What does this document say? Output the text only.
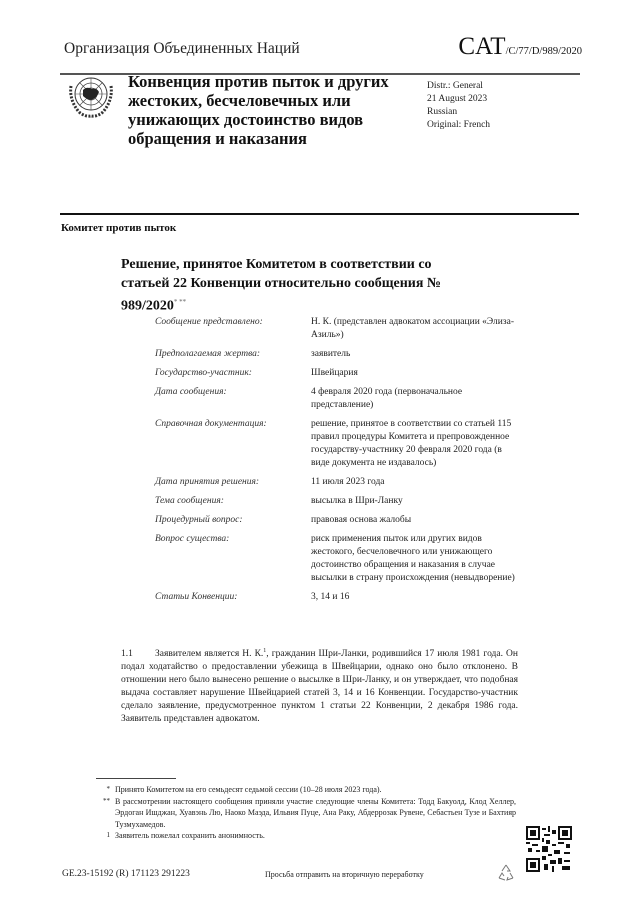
Организация Объединенных Наций	CAT/C/77/D/989/2020
Конвенция против пыток и других жестоких, бесчеловечных или унижающих достоинство видов обращения и наказания
Distr.: General
21 August 2023
Russian
Original: French
Комитет против пыток
Решение, принятое Комитетом в соответствии со статьей 22 Конвенции относительно сообщения № 989/2020* **
Сообщение представлено:	Н. К. (представлен адвокатом ассоциации «Элиза-Азиль»)
Предполагаемая жертва:	заявитель
Государство-участник:	Швейцария
Дата сообщения:	4 февраля 2020 года (первоначальное представление)
Справочная документация:	решение, принятое в соответствии со статьей 115 правил процедуры Комитета и препровожденное государству-участнику 20 февраля 2020 года (в виде документа не издавалось)
Дата принятия решения:	11 июля 2023 года
Тема сообщения:	высылка в Шри-Ланку
Процедурный вопрос:	правовая основа жалобы
Вопрос существа:	риск применения пыток или других видов жестокого, бесчеловечного или унижающего достоинство обращения и наказания в случае высылки в страну происхождения (невыдворение)
Статьи Конвенции:	3, 14 и 16
1.1 Заявителем является Н. К.$^1$, гражданин Шри-Ланки, родившийся 17 июля 1981 года. Он подал ходатайство о предоставлении убежища в Швейцарии, однако оно было отклонено. В отношении него было вынесено решение о высылке в Шри-Ланку, и он утверждает, что подобная выдача составляет нарушение Швейцарией статей 3, 14 и 16 Конвенции. Государство-участник сделало заявление, предусмотренное пунктом 1 статьи 22 Конвенции, 2 декабря 1986 года. Заявитель представлен адвокатом.
* Принято Комитетом на его семьдесят седьмой сессии (10–28 июля 2023 года).
** В рассмотрении настоящего сообщения приняли участие следующие члены Комитета: Тодд Бакуолд, Клод Хеллер, Эрдоган Ишджан, Хуавэнь Лю, Наоко Маэда, Ильвия Пуце, Ана Раку, Абдеррозак Рувене, Себастьен Тузе и Бахтияр Тузмухамедов.
1 Заявитель пожелал сохранить анонимность.
GE.23-15192 (R) 171123 291223	Просьба отправить на вторичную переработку
